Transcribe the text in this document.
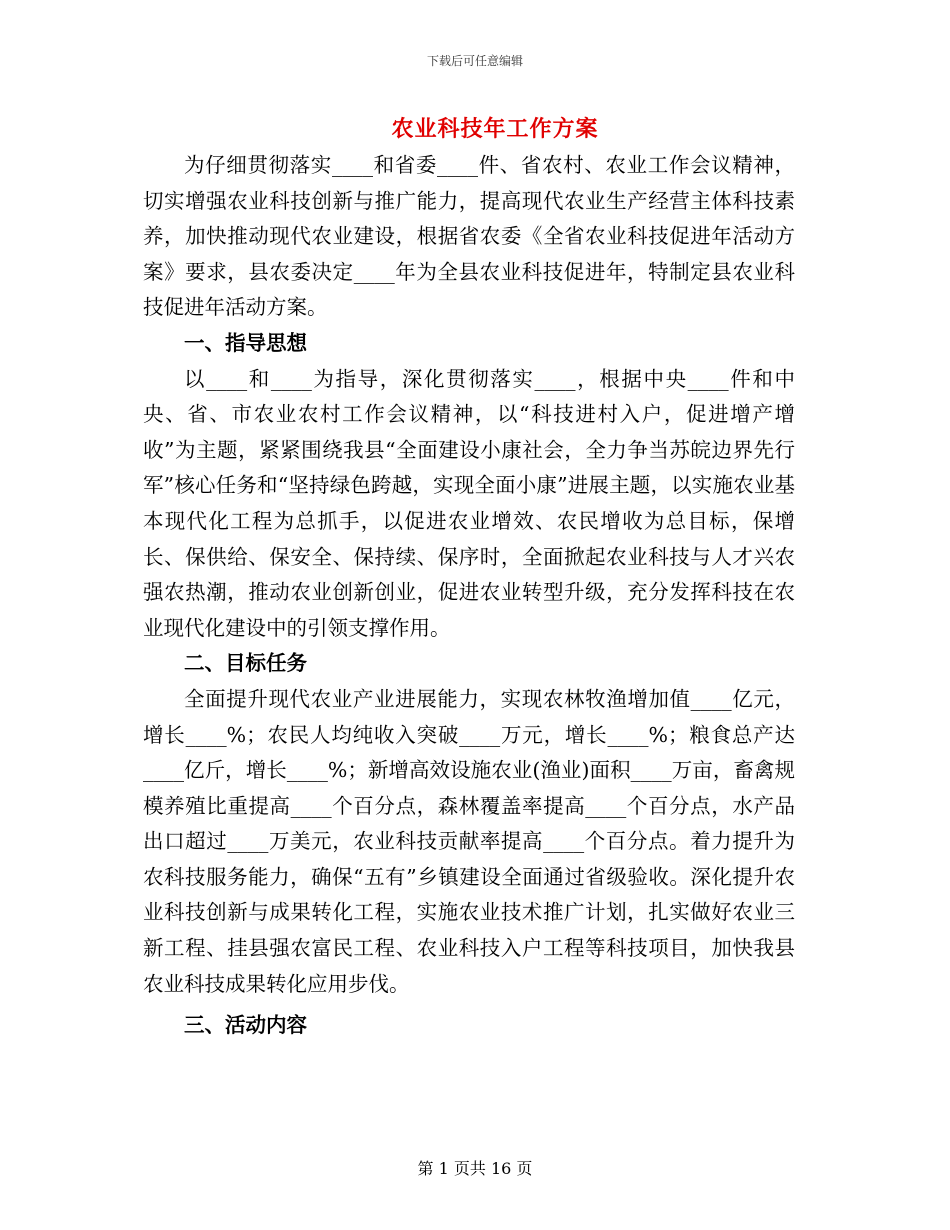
下载后可任意编辑
农业科技年工作方案

为仔细贯彻落实____和省委____件、省农村、农业工作会议精神，切实增强农业科技创新与推广能力，提高现代农业生产经营主体科技素养，加快推动现代农业建设，根据省农委《全省农业科技促进年活动方案》要求，县农委决定____年为全县农业科技促进年，特制定县农业科技促进年活动方案。

一、指导思想

以____和____为指导，深化贯彻落实____，根据中央____件和中央、省、市农业农村工作会议精神，以“科技进村入户，促进增产增收”为主题，紧紧围绕我县“全面建设小康社会，全力争当苏皖边界先行军”核心任务和“坚持绿色跨越，实现全面小康”进展主题，以实施农业基本现代化工程为总抓手，以促进农业增效、农民增收为总目标，保增长、保供给、保安全、保持续、保序时，全面掀起农业科技与人才兴农强农热潮，推动农业创新创业，促进农业转型升级，充分发挥科技在农业现代化建设中的引领支撑作用。

二、目标任务

全面提升现代农业产业进展能力，实现农林牧渔增加值____亿元，增长____%；农民人均纯收入突破____万元，增长____%；粮食总产达____亿斤，增长____%；新增高效设施农业(渔业)面积____万亩，畜禽规模养殖比重提高____个百分点，森林覆盖率提高____个百分点，水产品出口超过____万美元，农业科技贡献率提高____个百分点。着力提升为农科技服务能力，确保“五有”乡镇建设全面通过省级验收。深化提升农业科技创新与成果转化工程，实施农业技术推广计划，扎实做好农业三新工程、挂县强农富民工程、农业科技入户工程等科技项目，加快我县农业科技成果转化应用步伐。

三、活动内容
第 1 页共 16 页
